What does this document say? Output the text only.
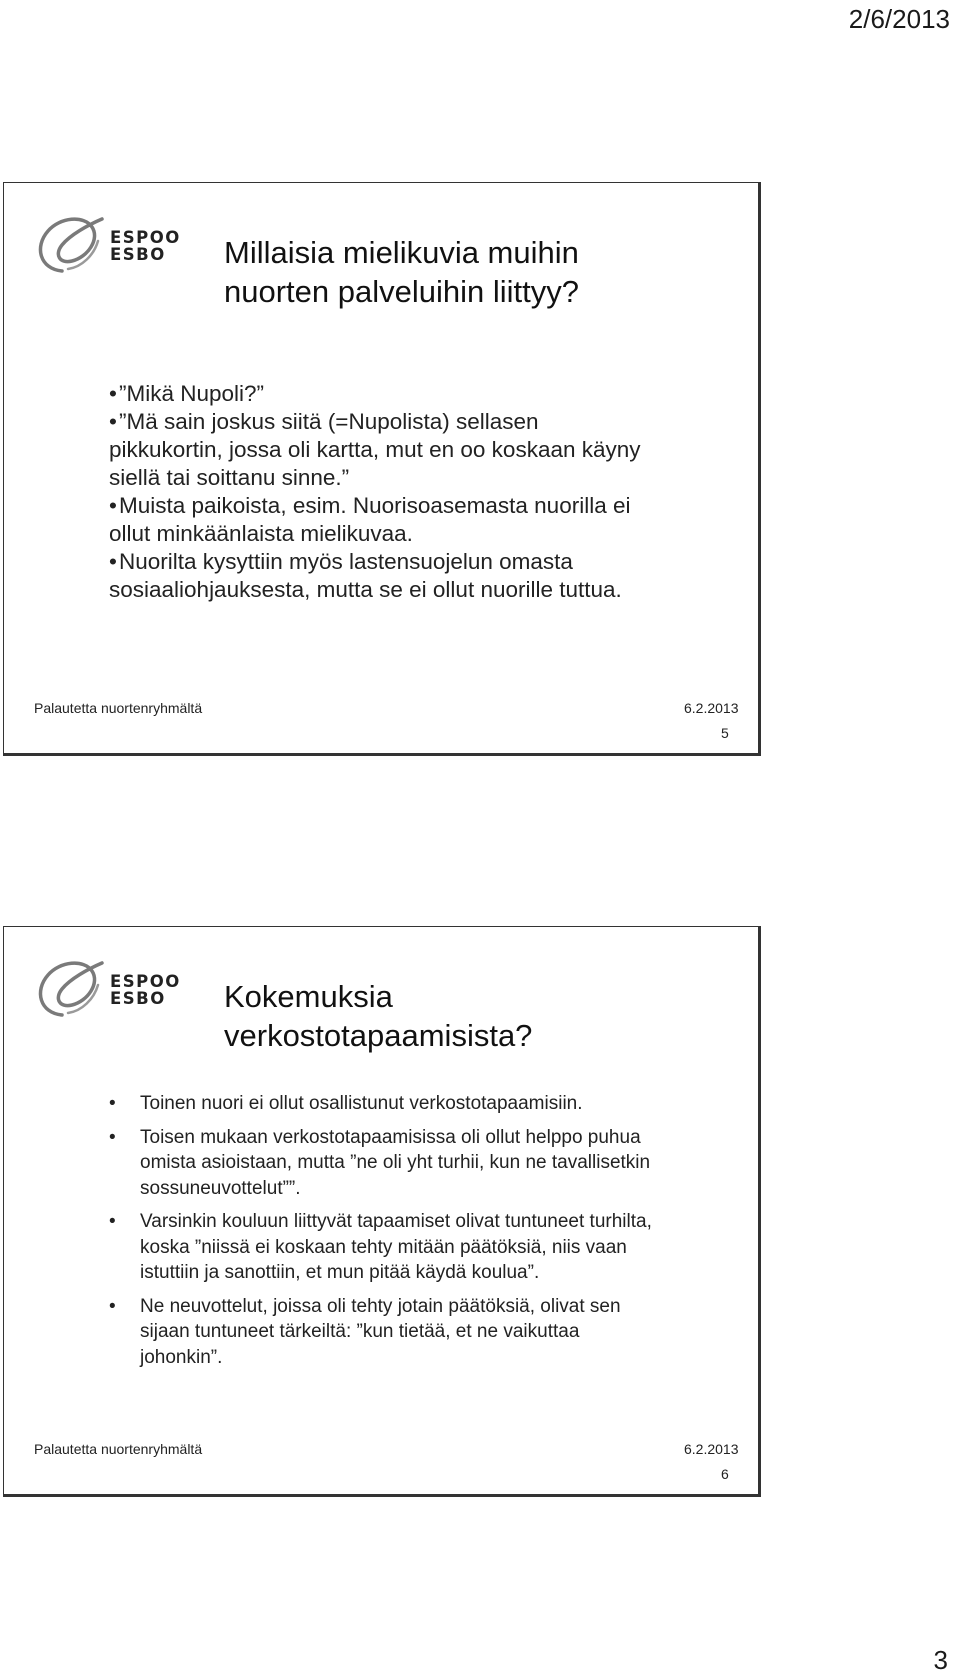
2/6/2013
ESPOO
ESBO	Millaisia mielikuvia muihin
nuorten palveluihin liittyy?
•”Mikä Nupoli?”
•”Mä sain joskus siitä (=Nupolista) sellasen
pikkukortin, jossa oli kartta, mut en oo koskaan käyny
siellä tai soittanu sinne.”
•Muista paikoista, esim. Nuorisoasemasta nuorilla ei
ollut minkäänlaista mielikuvaa.
•Nuorilta kysyttiin myös lastensuojelun omasta
sosiaaliohjauksesta, mutta se ei ollut nuorille tuttua.
Palautetta nuortenryhmältä	6.2.2013
5
ESPOO
ESBO	Kokemuksia
verkostotapaamisista?
• Toinen nuori ei ollut osallistunut verkostotapaamisiin.
• Toisen mukaan verkostotapaamisissa oli ollut helppo puhua
omista asioistaan, mutta ”ne oli yht turhii, kun ne tavallisetkin
sossuneuvottelut””.
• Varsinkin kouluun liittyvät tapaamiset olivat tuntuneet turhilta,
koska ”niissä ei koskaan tehty mitään päätöksiä, niis vaan
istuttiin ja sanottiin, et mun pitää käydä koulua”.
• Ne neuvottelut, joissa oli tehty jotain päätöksiä, olivat sen
sijaan tuntuneet tärkeiltä: ”kun tietää, et ne vaikuttaa
johonkin”.
Palautetta nuortenryhmältä	6.2.2013
6
3
